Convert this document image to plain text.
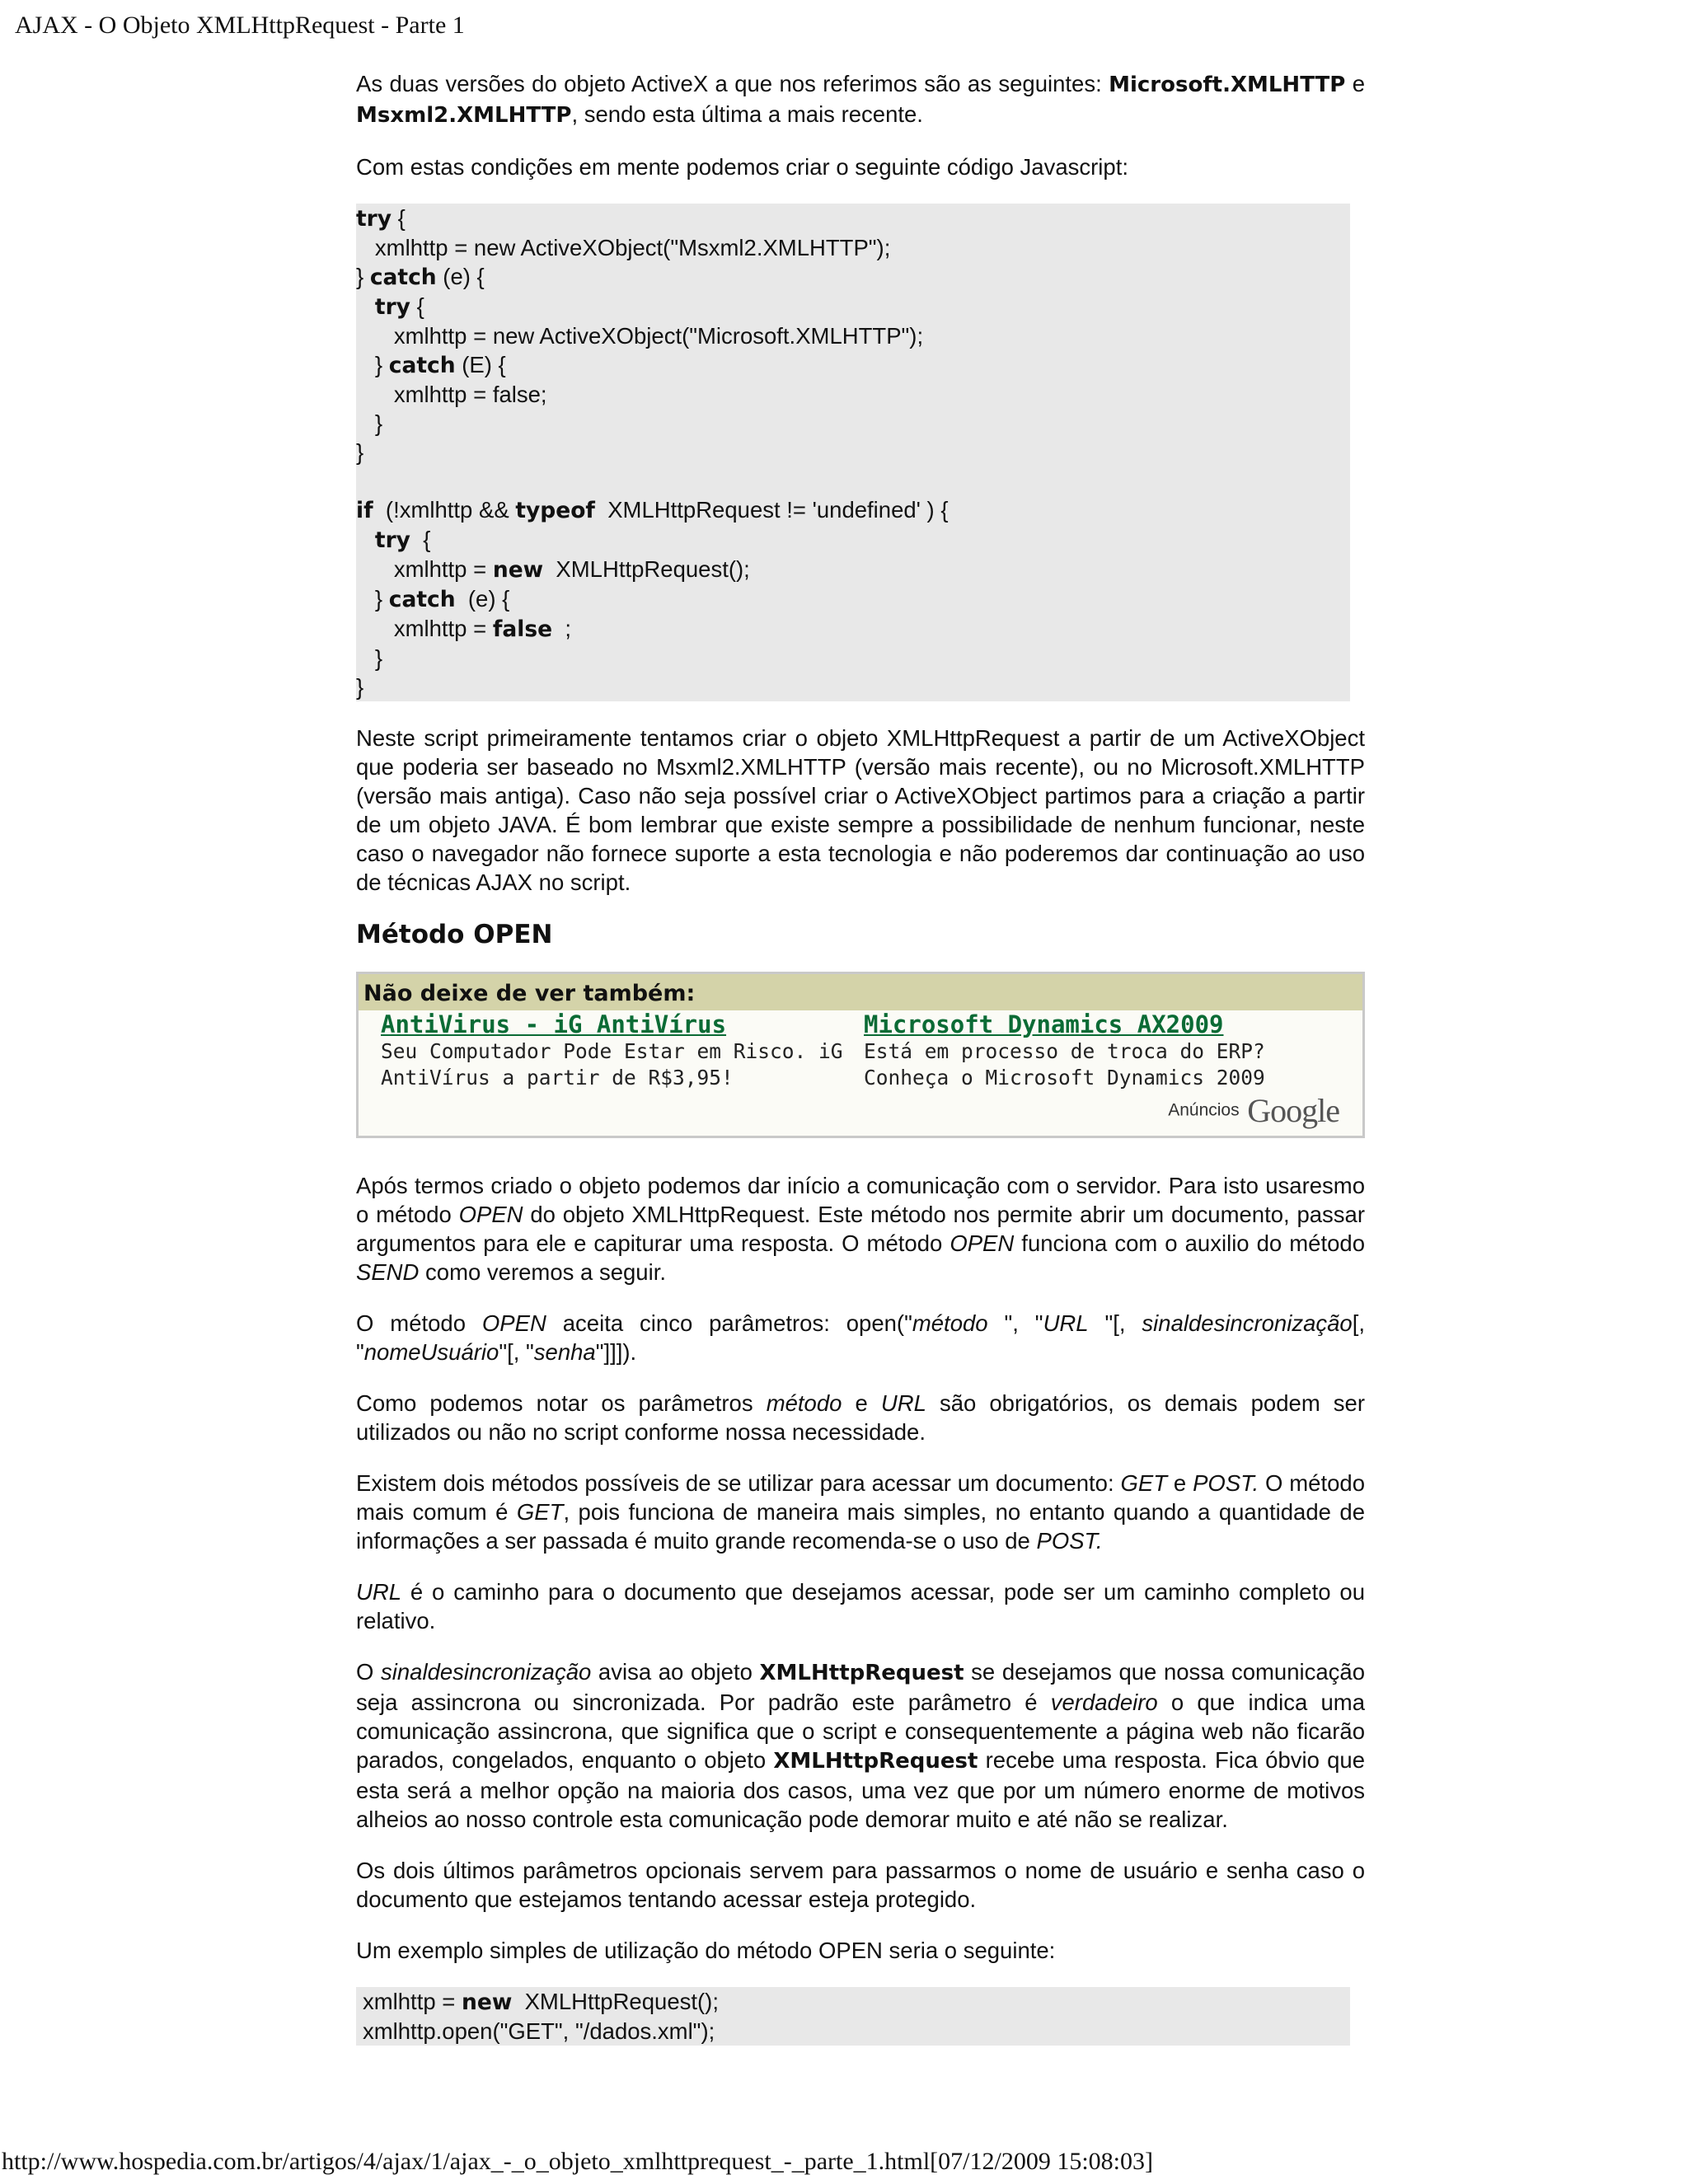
AJAX - O Objeto XMLHttpRequest - Parte 1

As duas versões do objeto ActiveX a que nos referimos são as seguintes: Microsoft.XMLHTTP e Msxml2.XMLHTTP, sendo esta última a mais recente.

Com estas condições em mente podemos criar o seguinte código Javascript:

try {
xmlhttp = new ActiveXObject("Msxml2.XMLHTTP");
} catch (e) {
try {
xmlhttp = new ActiveXObject("Microsoft.XMLHTTP");
} catch (E) {
xmlhttp = false;
}
}
if  (!xmlhttp && typeof  XMLHttpRequest != 'undefined' ) {
try  {
xmlhttp = new  XMLHttpRequest();
} catch  (e) {
xmlhttp = false  ;
}
}

Neste script primeiramente tentamos criar o objeto XMLHttpRequest a partir de um ActiveXObject que poderia ser baseado no Msxml2.XMLHTTP (versão mais recente), ou no Microsoft.XMLHTTP (versão mais antiga). Caso não seja possível criar o ActiveXObject partimos para a criação a partir de um objeto JAVA. É bom lembrar que existe sempre a possibilidade de nenhum funcionar, neste caso o navegador não fornece suporte a esta tecnologia e não poderemos dar continuação ao uso de técnicas AJAX no script.

Método OPEN
Não deixe de ver também:
AntiVirus - iG AntiVírus
Seu Computador Pode Estar em Risco. iG AntiVírus a partir de R$3,95!
Microsoft Dynamics AX2009
Está em processo de troca do ERP? Conheça o Microsoft Dynamics 2009
Anúncios Google

Após termos criado o objeto podemos dar início a comunicação com o servidor. Para isto usaresmo o método OPEN do objeto XMLHttpRequest. Este método nos permite abrir um documento, passar argumentos para ele e capiturar uma resposta. O método OPEN funciona com o auxilio do método SEND como veremos a seguir.

O método OPEN aceita cinco parâmetros: open("método ", "URL "[, sinaldesincronização[, "nomeUsuário"[, "senha"]]]).

Como podemos notar os parâmetros método e URL são obrigatórios, os demais podem ser utilizados ou não no script conforme nossa necessidade.

Existem dois métodos possíveis de se utilizar para acessar um documento: GET e POST. O método mais comum é GET, pois funciona de maneira mais simples, no entanto quando a quantidade de informações a ser passada é muito grande recomenda-se o uso de POST.

URL é o caminho para o documento que desejamos acessar, pode ser um caminho completo ou relativo.

O sinaldesincronização avisa ao objeto XMLHttpRequest se desejamos que nossa comunicação seja assincrona ou sincronizada. Por padrão este parâmetro é verdadeiro o que indica uma comunicação assincrona, que significa que o script e consequentemente a página web não ficarão parados, congelados, enquanto o objeto XMLHttpRequest recebe uma resposta. Fica óbvio que esta será a melhor opção na maioria dos casos, uma vez que por um número enorme de motivos alheios ao nosso controle esta comunicação pode demorar muito e até não se realizar.

Os dois últimos parâmetros opcionais servem para passarmos o nome de usuário e senha caso o documento que estejamos tentando acessar esteja protegido.

Um exemplo simples de utilização do método OPEN seria o seguinte:

xmlhttp = new  XMLHttpRequest();
xmlhttp.open("GET", "/dados.xml");
http://www.hospedia.com.br/artigos/4/ajax/1/ajax_-_o_objeto_xmlhttprequest_-_parte_1.html[07/12/2009 15:08:03]
